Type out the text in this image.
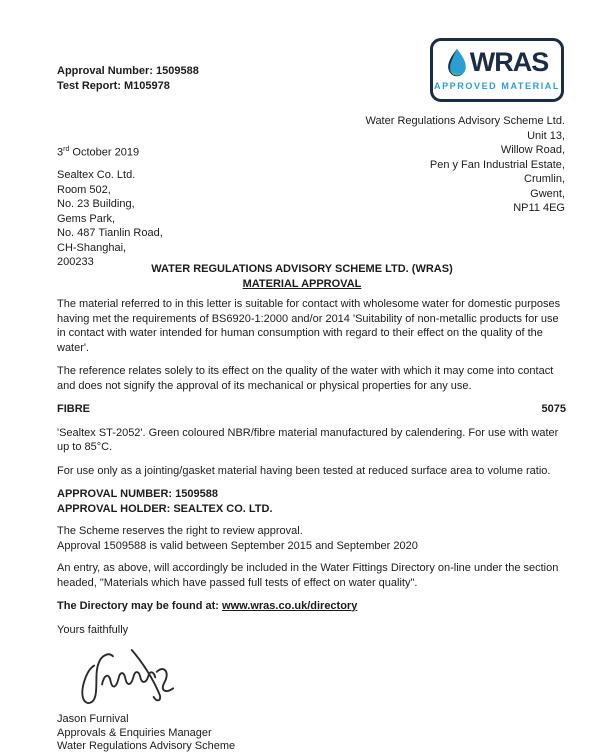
Approval Number: 1509588
Test Report: M105978
WRAS
APPROVED MATERIAL
Water Regulations Advisory Scheme Ltd.
Unit 13,
Willow Road,
Pen y Fan Industrial Estate,
Crumlin,
Gwent,
NP11 4EG
3rd October 2019
Sealtex Co. Ltd.
Room 502,
No. 23 Building,
Gems Park,
No. 487 Tianlin Road,
CH-Shanghai,
200233
WATER REGULATIONS ADVISORY SCHEME LTD. (WRAS)
MATERIAL APPROVAL

The material referred to in this letter is suitable for contact with wholesome water for domestic purposes having met the requirements of BS6920-1:2000 and/or 2014 'Suitability of non-metallic products for use in contact with water intended for human consumption with regard to their effect on the quality of the water'.

The reference relates solely to its effect on the quality of the water with which it may come into contact and does not signify the approval of its mechanical or physical properties for any use.

FIBRE	5075

'Sealtex ST-2052'. Green coloured NBR/fibre material manufactured by calendering. For use with water up to 85°C.

For use only as a jointing/gasket material having been tested at reduced surface area to volume ratio.

APPROVAL NUMBER: 1509588
APPROVAL HOLDER: SEALTEX CO. LTD.
The Scheme reserves the right to review approval.
Approval 1509588 is valid between September 2015 and September 2020

An entry, as above, will accordingly be included in the Water Fittings Directory on-line under the section headed, "Materials which have passed full tests of effect on water quality".

The Directory may be found at: www.wras.co.uk/directory
Yours faithfully
Jason Furnival
Approvals & Enquiries Manager
Water Regulations Advisory Scheme
